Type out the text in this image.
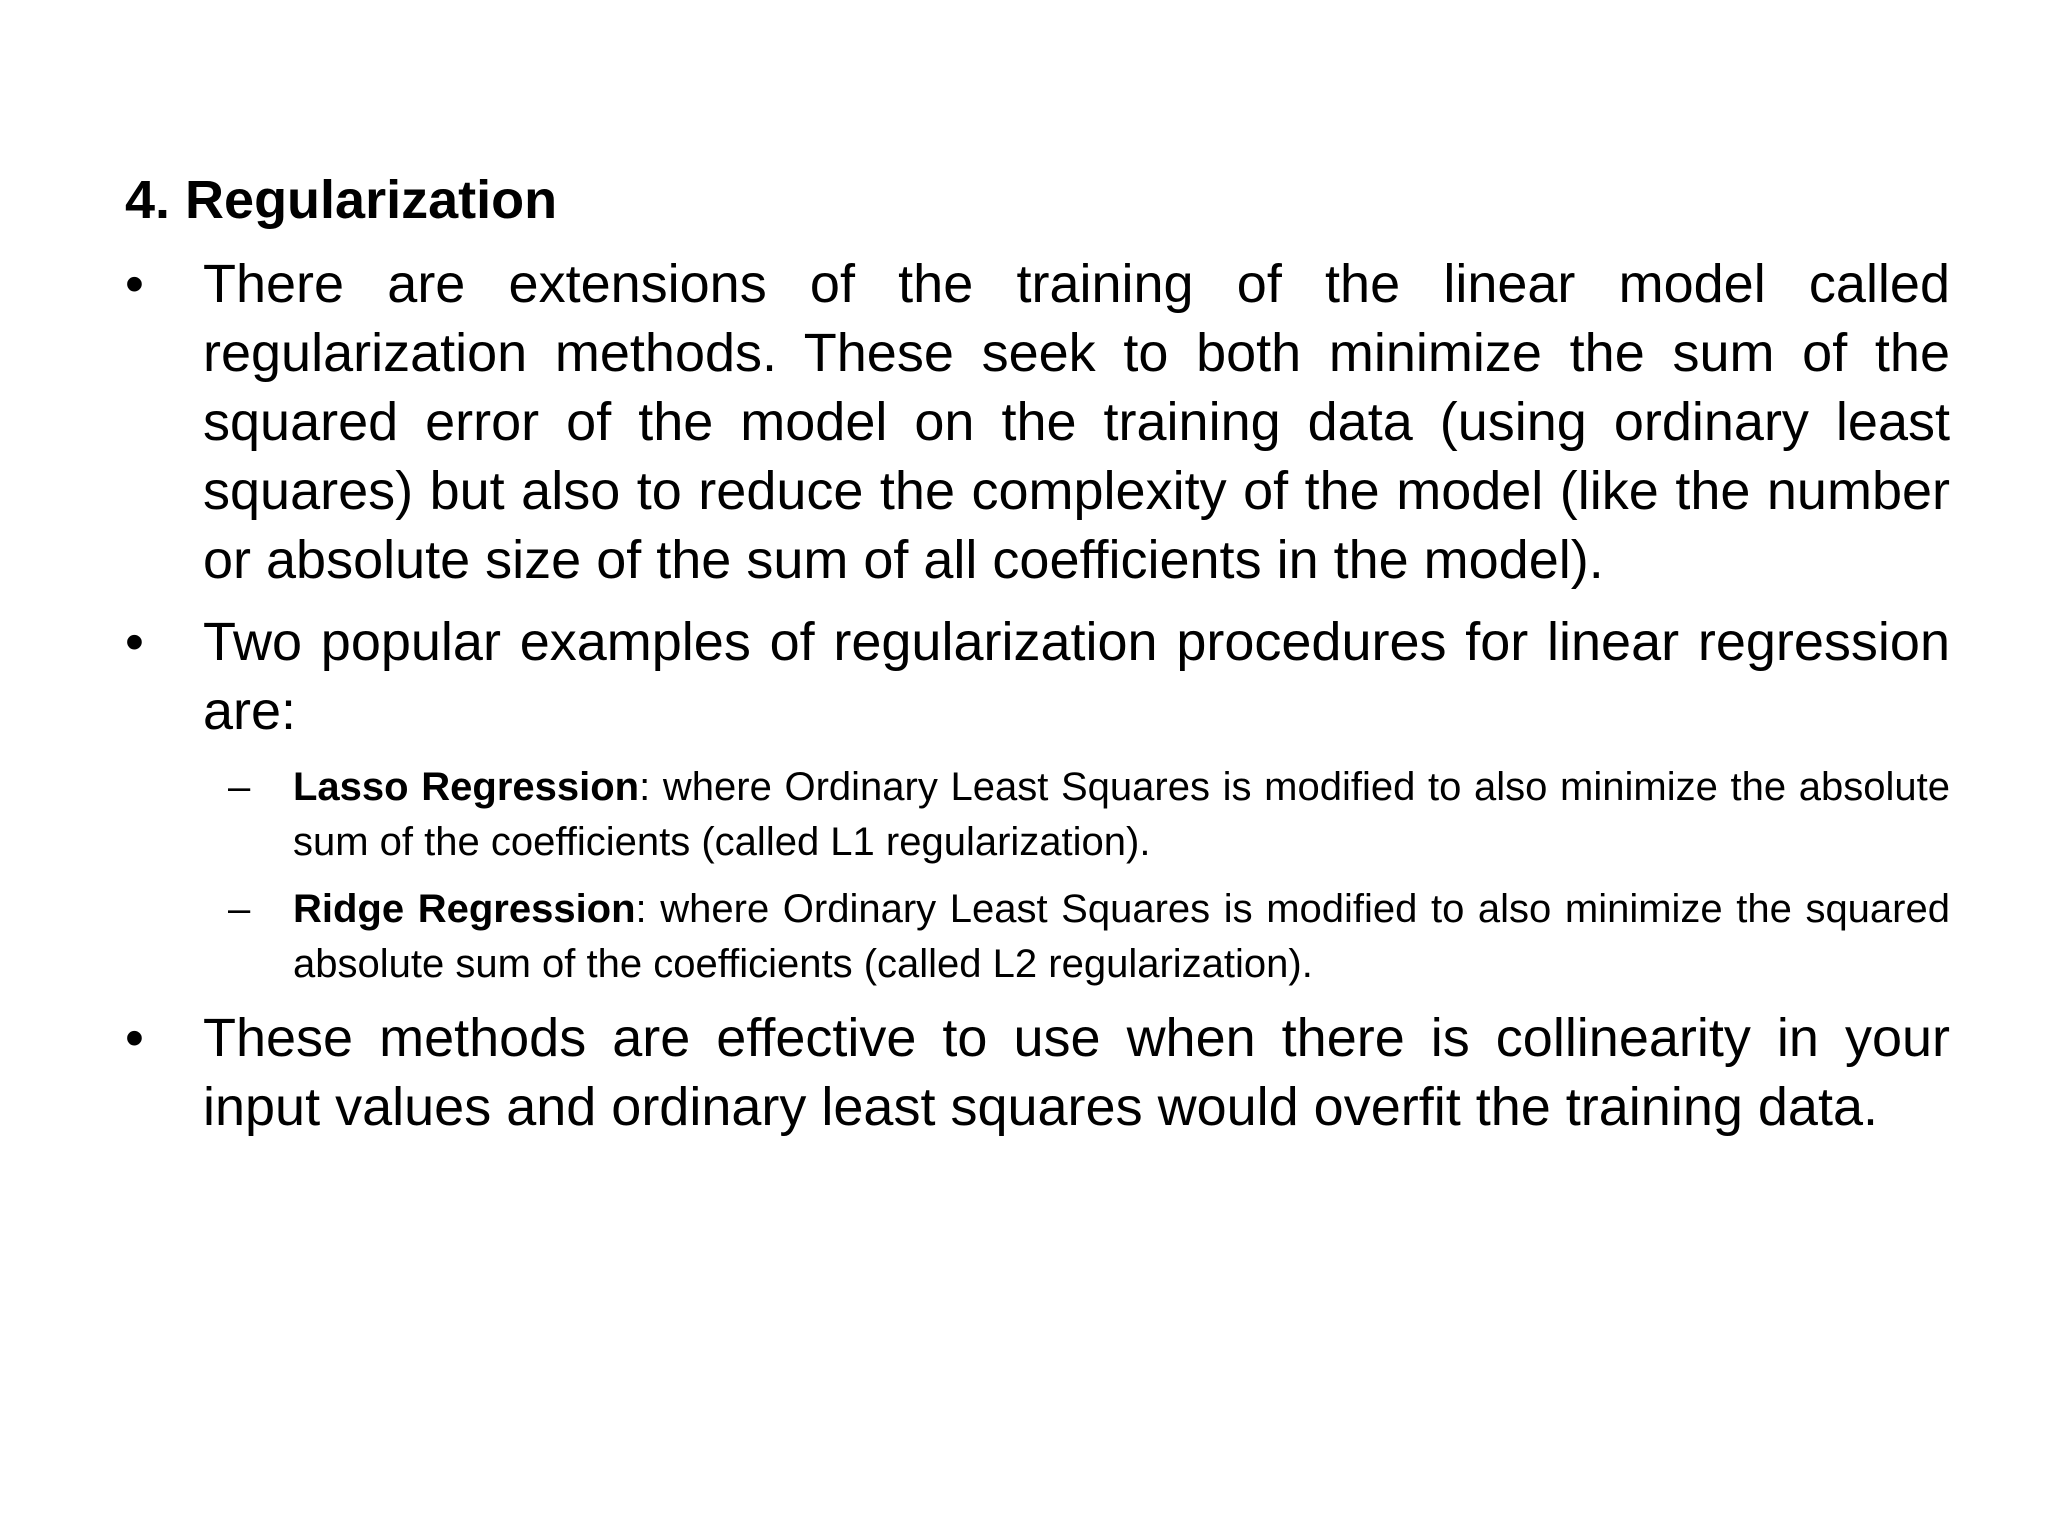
4. Regularization
• There are extensions of the training of the linear model called regularization methods. These seek to both minimize the sum of the squared error of the model on the training data (using ordinary least squares) but also to reduce the complexity of the model (like the number or absolute size of the sum of all coefficients in the model).
• Two popular examples of regularization procedures for linear regression are:
– Lasso Regression: where Ordinary Least Squares is modified to also minimize the absolute sum of the coefficients (called L1 regularization).
– Ridge Regression: where Ordinary Least Squares is modified to also minimize the squared absolute sum of the coefficients (called L2 regularization).
• These methods are effective to use when there is collinearity in your input values and ordinary least squares would overfit the training data.
